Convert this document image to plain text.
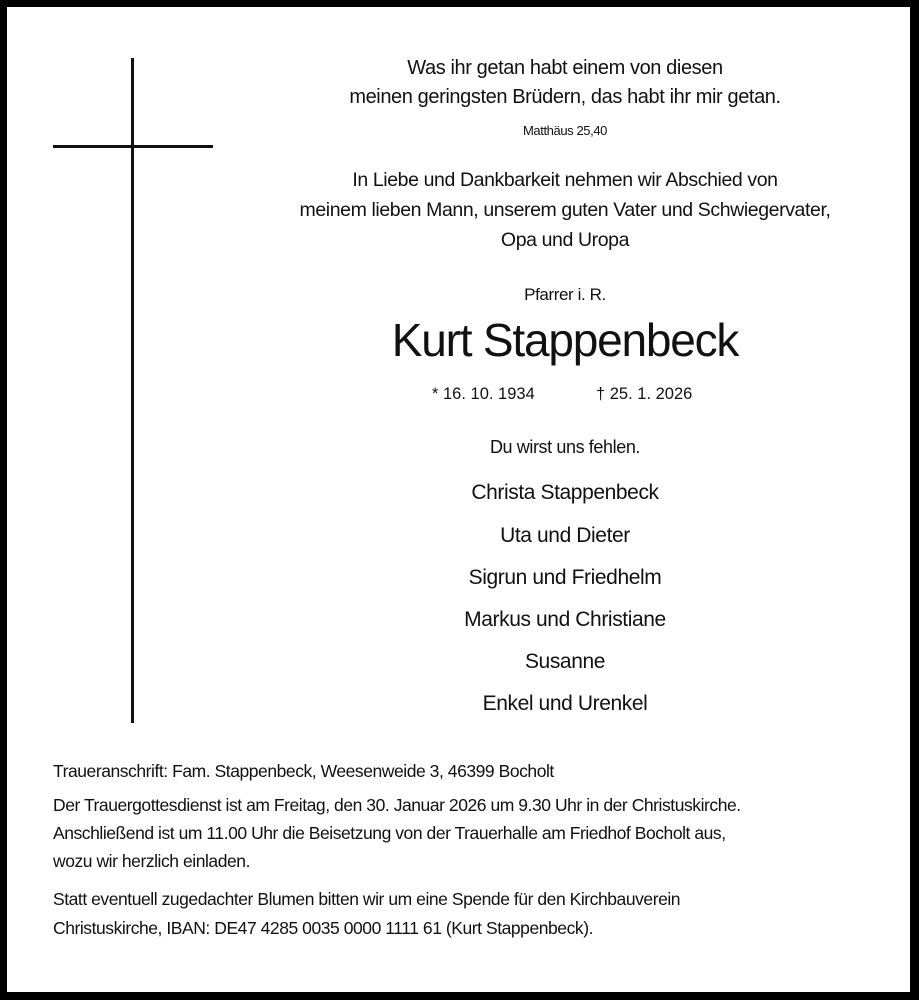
Was ihr getan habt einem von diesen
meinen geringsten Brüdern, das habt ihr mir getan.
Matthäus 25,40
In Liebe und Dankbarkeit nehmen wir Abschied von
meinem lieben Mann, unserem guten Vater und Schwiegervater,
Opa und Uropa
Pfarrer i. R.
Kurt Stappenbeck
* 16. 10. 1934	† 25. 1. 2026
Du wirst uns fehlen.
Christa Stappenbeck
Uta und Dieter
Sigrun und Friedhelm
Markus und Christiane
Susanne
Enkel und Urenkel
Traueranschrift: Fam. Stappenbeck, Weesenweide 3, 46399 Bocholt
Der Trauergottesdienst ist am Freitag, den 30. Januar 2026 um 9.30 Uhr in der Christuskirche.
Anschließend ist um 11.00 Uhr die Beisetzung von der Trauerhalle am Friedhof Bocholt aus,
wozu wir herzlich einladen.
Statt eventuell zugedachter Blumen bitten wir um eine Spende für den Kirchbauverein
Christuskirche, IBAN: DE47 4285 0035 0000 1111 61 (Kurt Stappenbeck).
